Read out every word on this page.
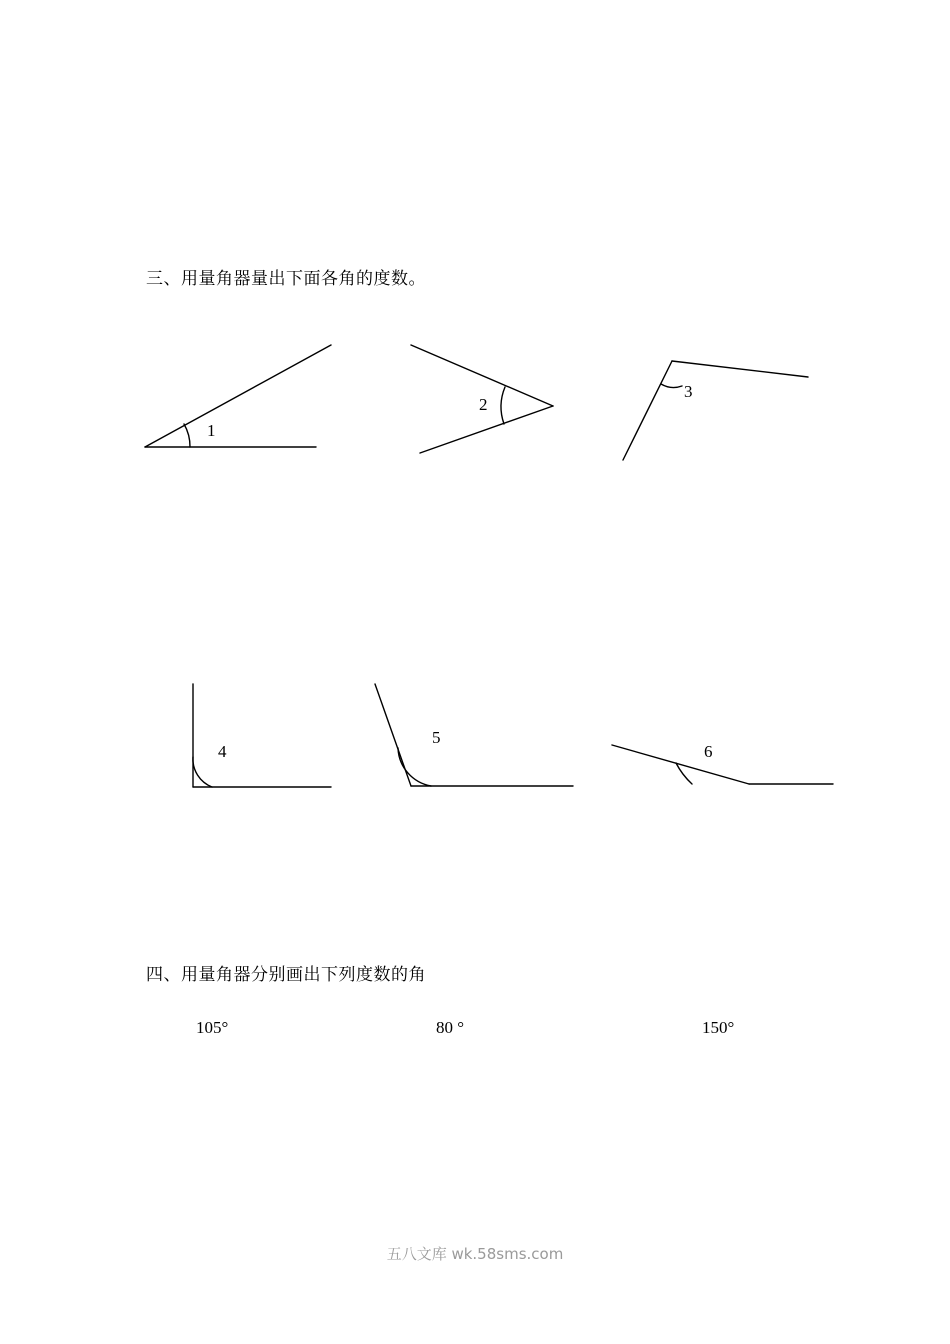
三、用量角器量出下面各角的度数。
1
2
3
4
5
6
四、用量角器分别画出下列度数的角
105°	80 °	150°
五八文库 wk.58sms.com
